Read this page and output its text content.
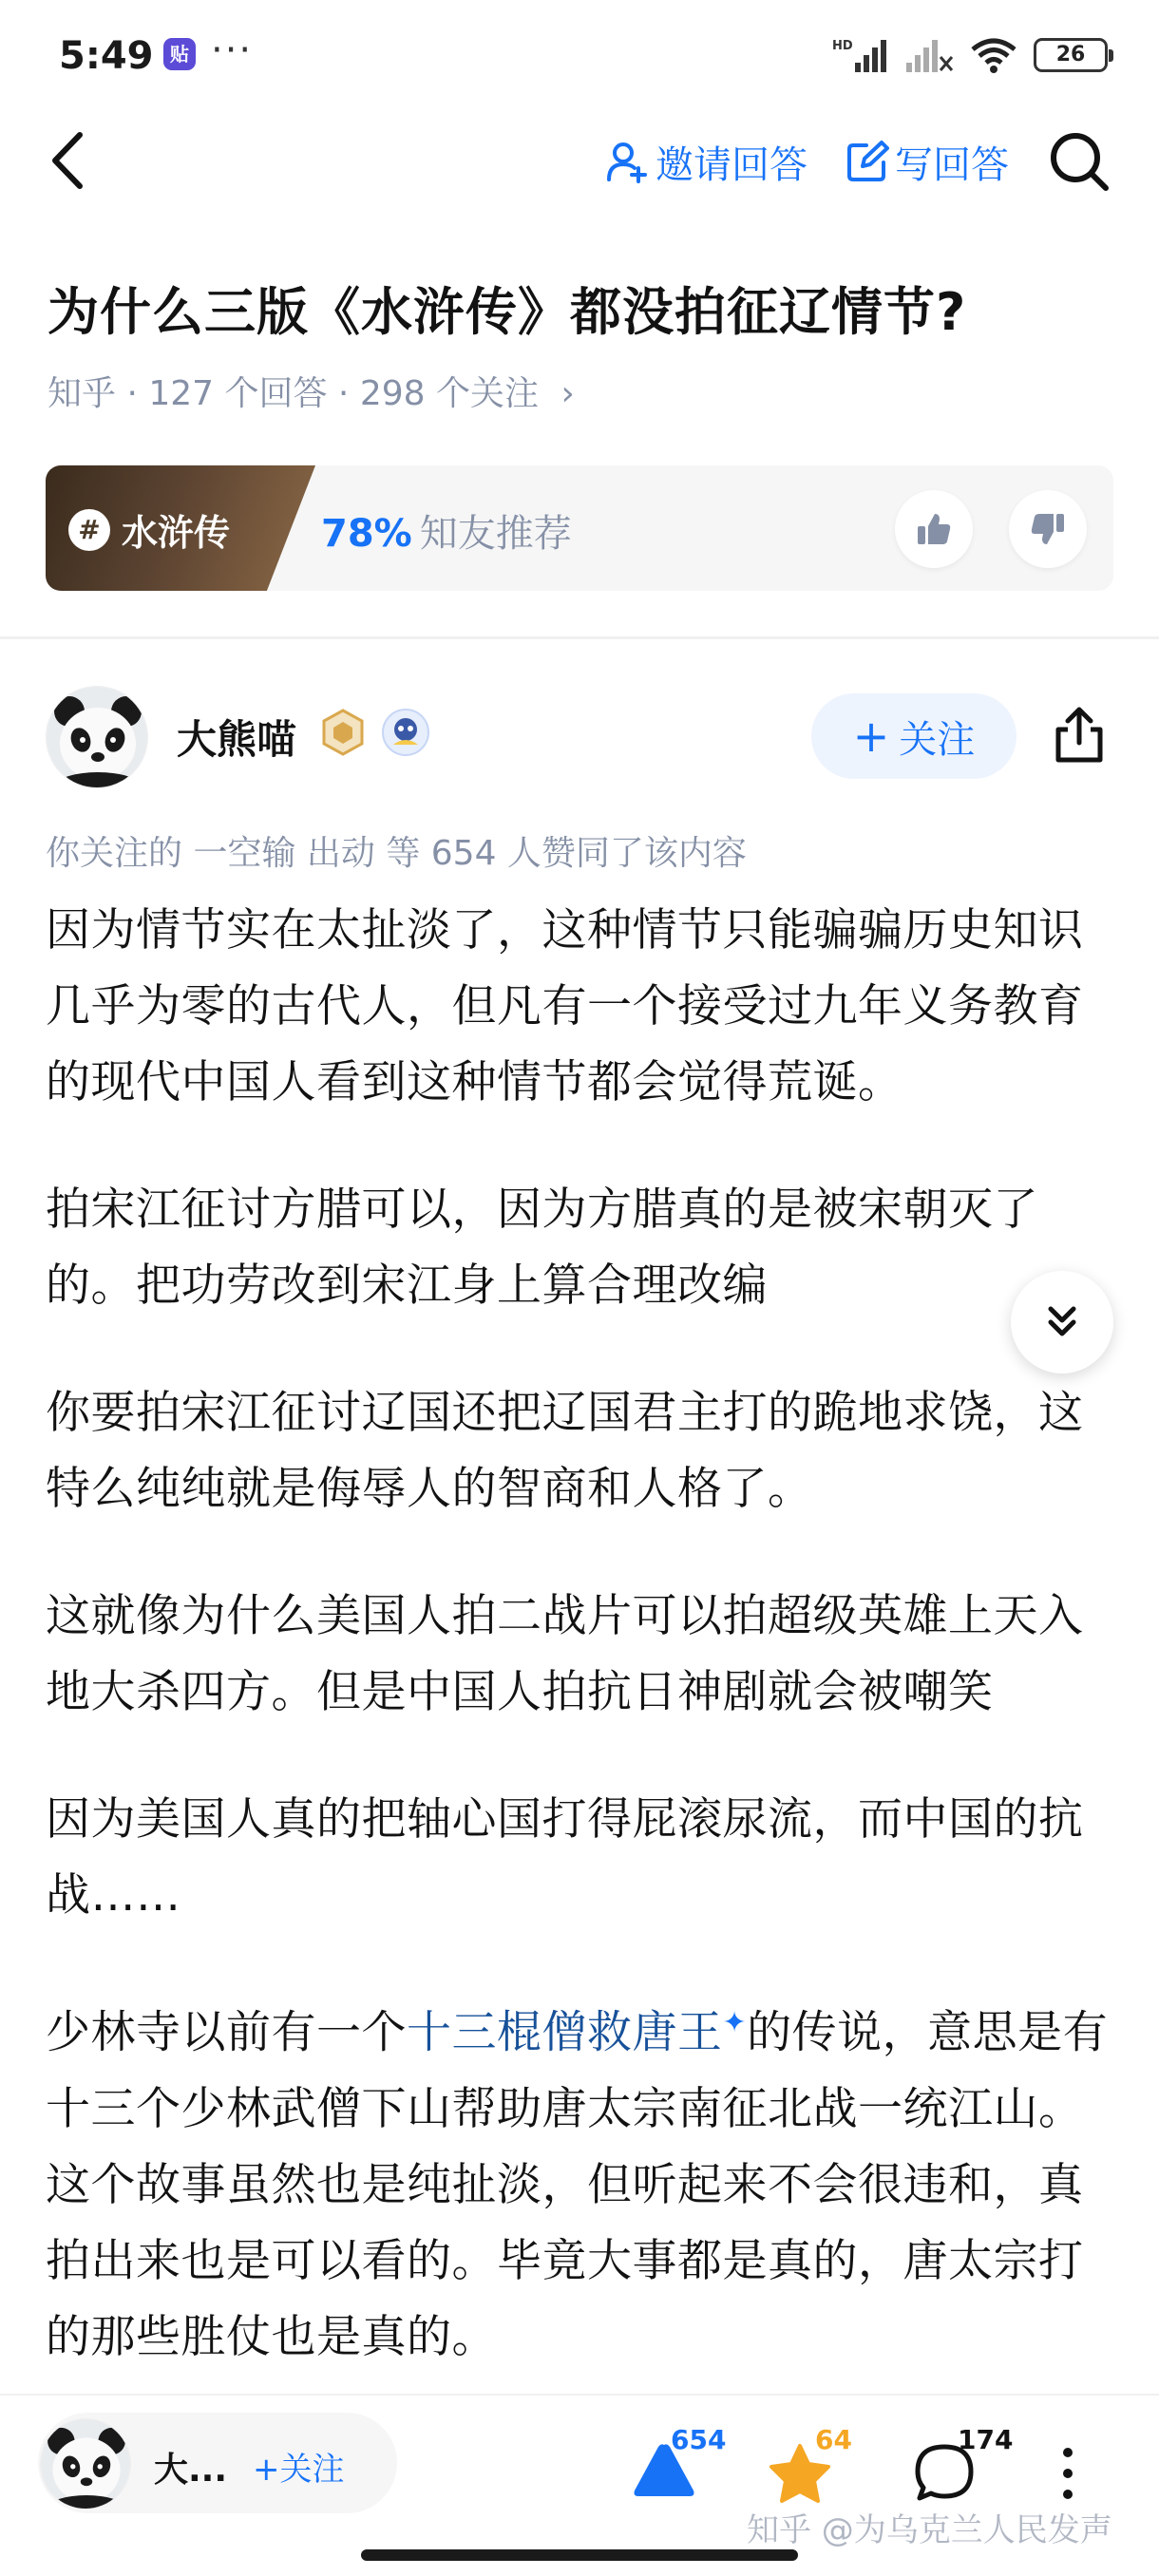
5:49 贴 ···	HD	26
邀请回答 写回答
为什么三版《水浒传》都没拍征辽情节?
知乎 · 127 个回答 · 298 个关注 ›
# 水浒传 78% 知友推荐
大熊喵	+ 关注
你关注的 一空输 出动 等 654 人赞同了该内容

因为情节实在太扯淡了，这种情节只能骗骗历史知识几乎为零的古代人，但凡有一个接受过九年义务教育的现代中国人看到这种情节都会觉得荒诞。

拍宋江征讨方腊可以，因为方腊真的是被宋朝灭了的。把功劳改到宋江身上算合理改编

你要拍宋江征讨辽国还把辽国君主打的跪地求饶，这特么纯纯就是侮辱人的智商和人格了。

这就像为什么美国人拍二战片可以拍超级英雄上天入地大杀四方。但是中国人拍抗日神剧就会被嘲笑

因为美国人真的把轴心国打得屁滚尿流，而中国的抗战……

少林寺以前有一个十三棍僧救唐王✦的传说，意思是有十三个少林武僧下山帮助唐太宗南征北战一统江山。这个故事虽然也是纯扯淡，但听起来不会很违和，真拍出来也是可以看的。毕竟大事都是真的，唐太宗打的那些胜仗也是真的。

大... +关注
654	64	174
知乎 @为乌克兰人民发声
